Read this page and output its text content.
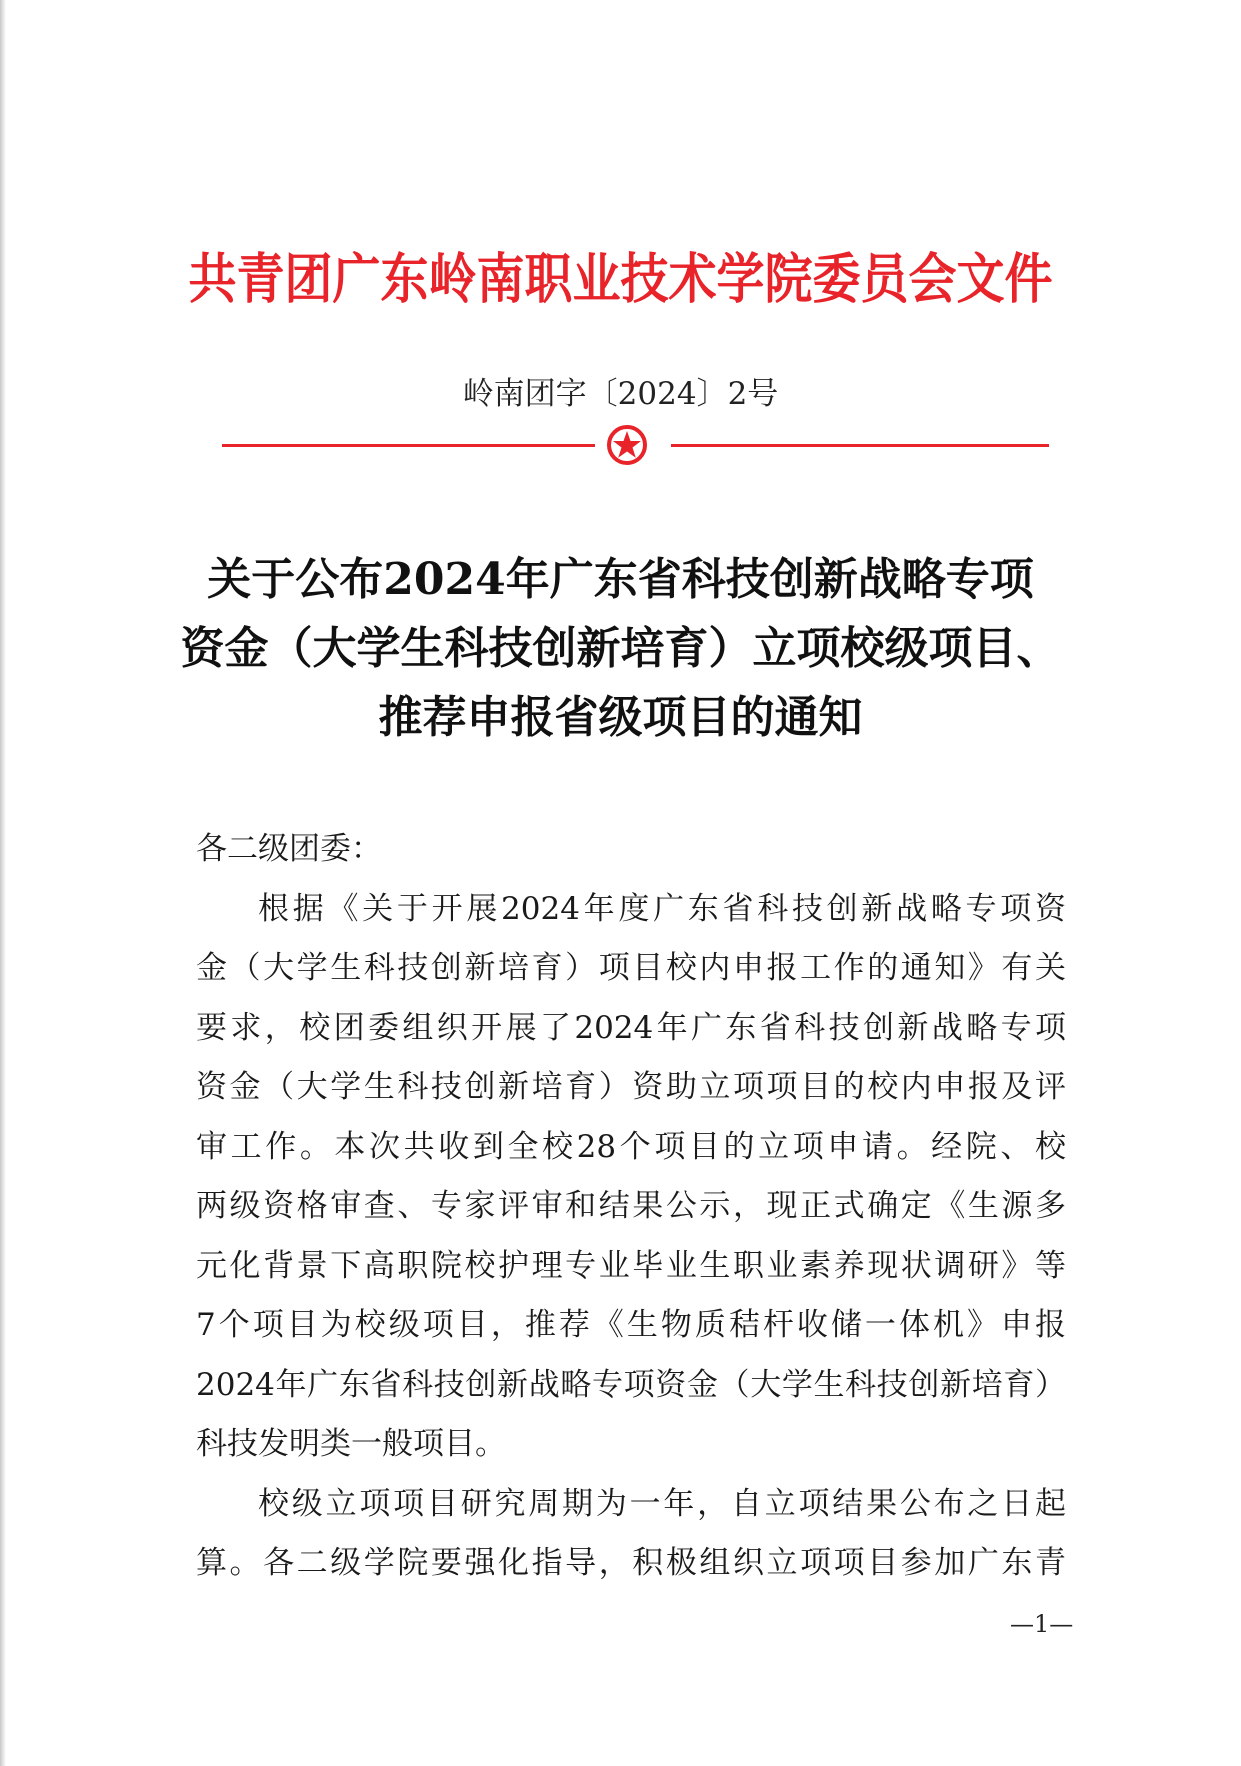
共青团广东岭南职业技术学院委员会文件
岭南团字〔2024〕2号
关于公布2024年广东省科技创新战略专项
资金（大学生科技创新培育）立项校级项目、
推荐申报省级项目的通知
各二级团委：
根据《关于开展2024年度广东省科技创新战略专项资
金（大学生科技创新培育）项目校内申报工作的通知》有关
要求，校团委组织开展了2024年广东省科技创新战略专项
资金（大学生科技创新培育）资助立项项目的校内申报及评
审工作。本次共收到全校28个项目的立项申请。经院、校
两级资格审查、专家评审和结果公示，现正式确定《生源多
元化背景下高职院校护理专业毕业生职业素养现状调研》等
7个项目为校级项目，推荐《生物质秸杆收储一体机》申报
2024年广东省科技创新战略专项资金（大学生科技创新培育）
科技发明类一般项目。
校级立项项目研究周期为一年，自立项结果公布之日起
算。各二级学院要强化指导，积极组织立项项目参加广东青
—1—
